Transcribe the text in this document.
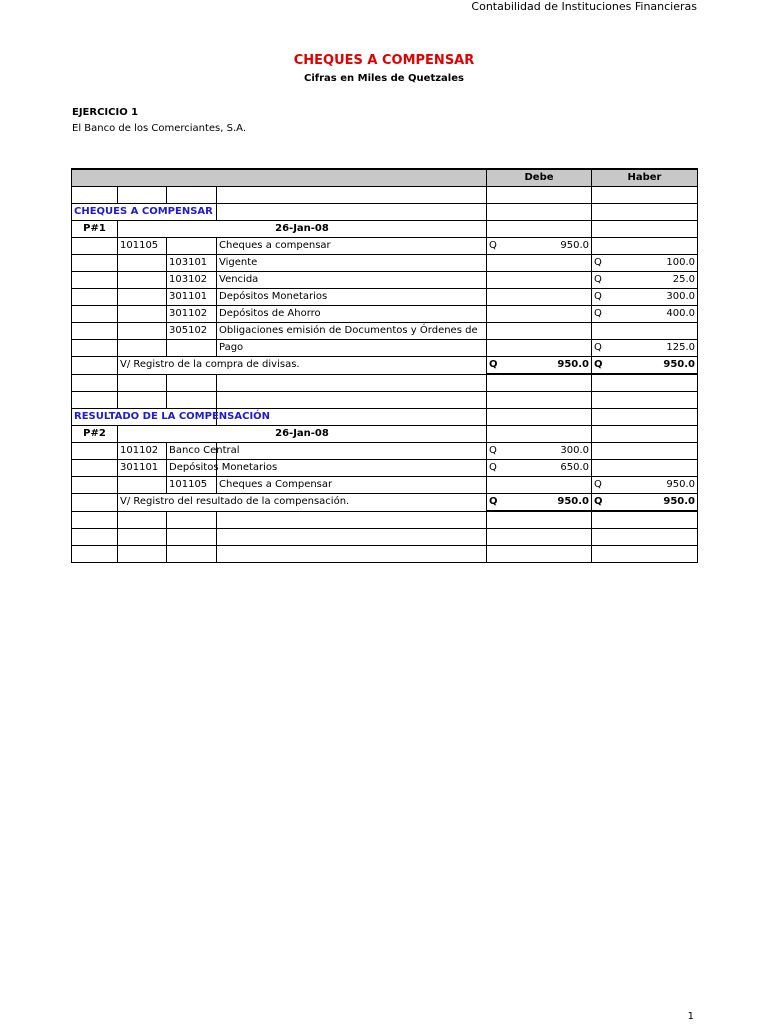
Contabilidad de Instituciones Financieras
CHEQUES A COMPENSAR
Cifras en Miles de Quetzales
EJERCICIO 1
El Banco de los Comerciantes, S.A.
				Debe	Haber

CHEQUES A COMPENSAR					
P#1	26-Jan-08				
	101105		Cheques a compensar	Q 950.0	

		103101	Vigente		Q 100.0

		103102	Vencida		Q 25.0

		301101	Depósitos Monetarios		Q 300.0

		301102	Depósitos de Ahorro		Q 400.0

		305102	Obligaciones emisión de Documentos y Órdenes de	

			Pago		Q 125.0

	V/ Registro de la compra de divisas.			Q 950.0	Q 950.0

RESULTADO DE LA COMPENSACIÓN					
P#2	26-Jan-08				
	101102	Banco Central		Q 300.0	

	301101	Depósitos Monetarios		Q 650.0	

		101105	Cheques a Compensar		Q 950.0

	V/ Registro del resultado de la compensación.			Q 950.0	Q 950.0

1
